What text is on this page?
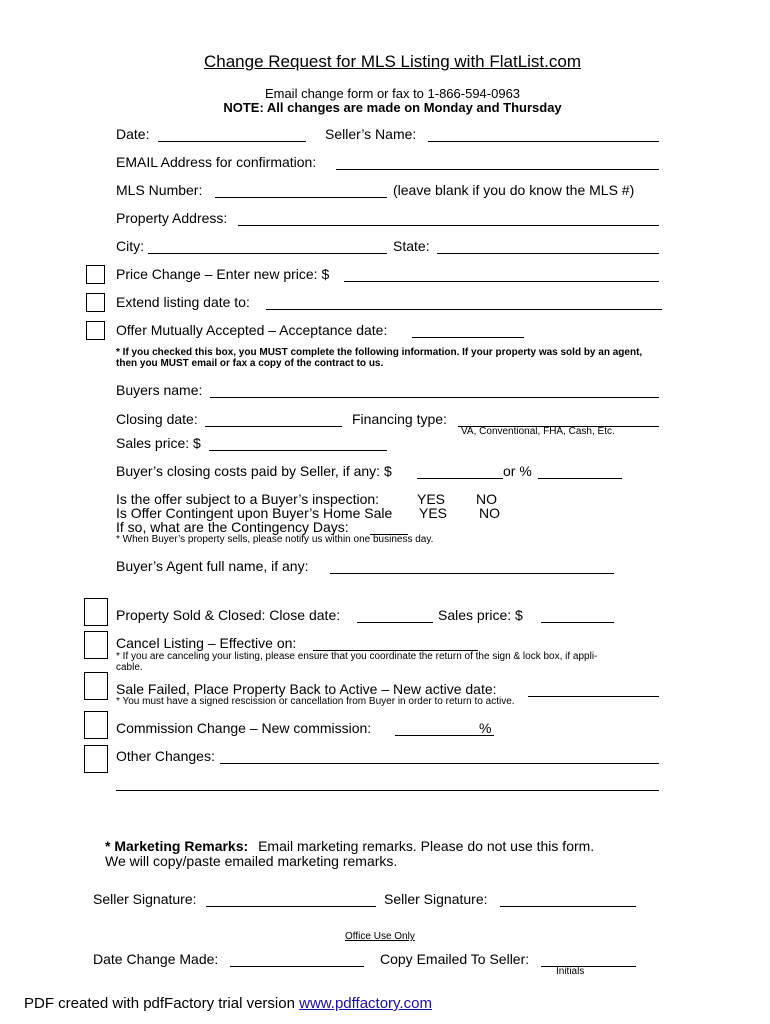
Change Request for MLS Listing with FlatList.com
Email change form or fax to 1-866-594-0963
NOTE: All changes are made on Monday and Thursday
Date:	Seller’s Name:
EMAIL Address for confirmation:
MLS Number:	(leave blank if you do know the MLS #)
Property Address:
City:	State:
Price Change – Enter new price: $
Extend listing date to:
Offer Mutually Accepted – Acceptance date:
* If you checked this box, you MUST complete the following information. If your property was sold by an agent, then you MUST email or fax a copy of the contract to us.
Buyers name:
Closing date:	Financing type:
VA, Conventional, FHA, Cash, Etc.
Sales price: $
Buyer’s closing costs paid by Seller, if any: $	or %
Is the offer subject to a Buyer’s inspection:	YES NO
Is Offer Contingent upon Buyer’s Home Sale YES NO
If so, what are the Contingency Days:
* When Buyer’s property sells, please notify us within one business day.
Buyer’s Agent full name, if any:
Property Sold & Closed: Close date:	Sales price: $
Cancel Listing – Effective on:
* If you are canceling your listing, please ensure that you coordinate the return of the sign & lock box, if appli-
cable.
Sale Failed, Place Property Back to Active – New active date:
* You must have a signed rescission or cancellation from Buyer in order to return to active.
Commission Change – New commission:	%
Other Changes:
* Marketing Remarks: Email marketing remarks. Please do not use this form.
We will copy/paste emailed marketing remarks.
Seller Signature:	Seller Signature:
Office Use Only
Date Change Made:	Copy Emailed To Seller:
Initials
PDF created with pdfFactory trial version www.pdffactory.com
